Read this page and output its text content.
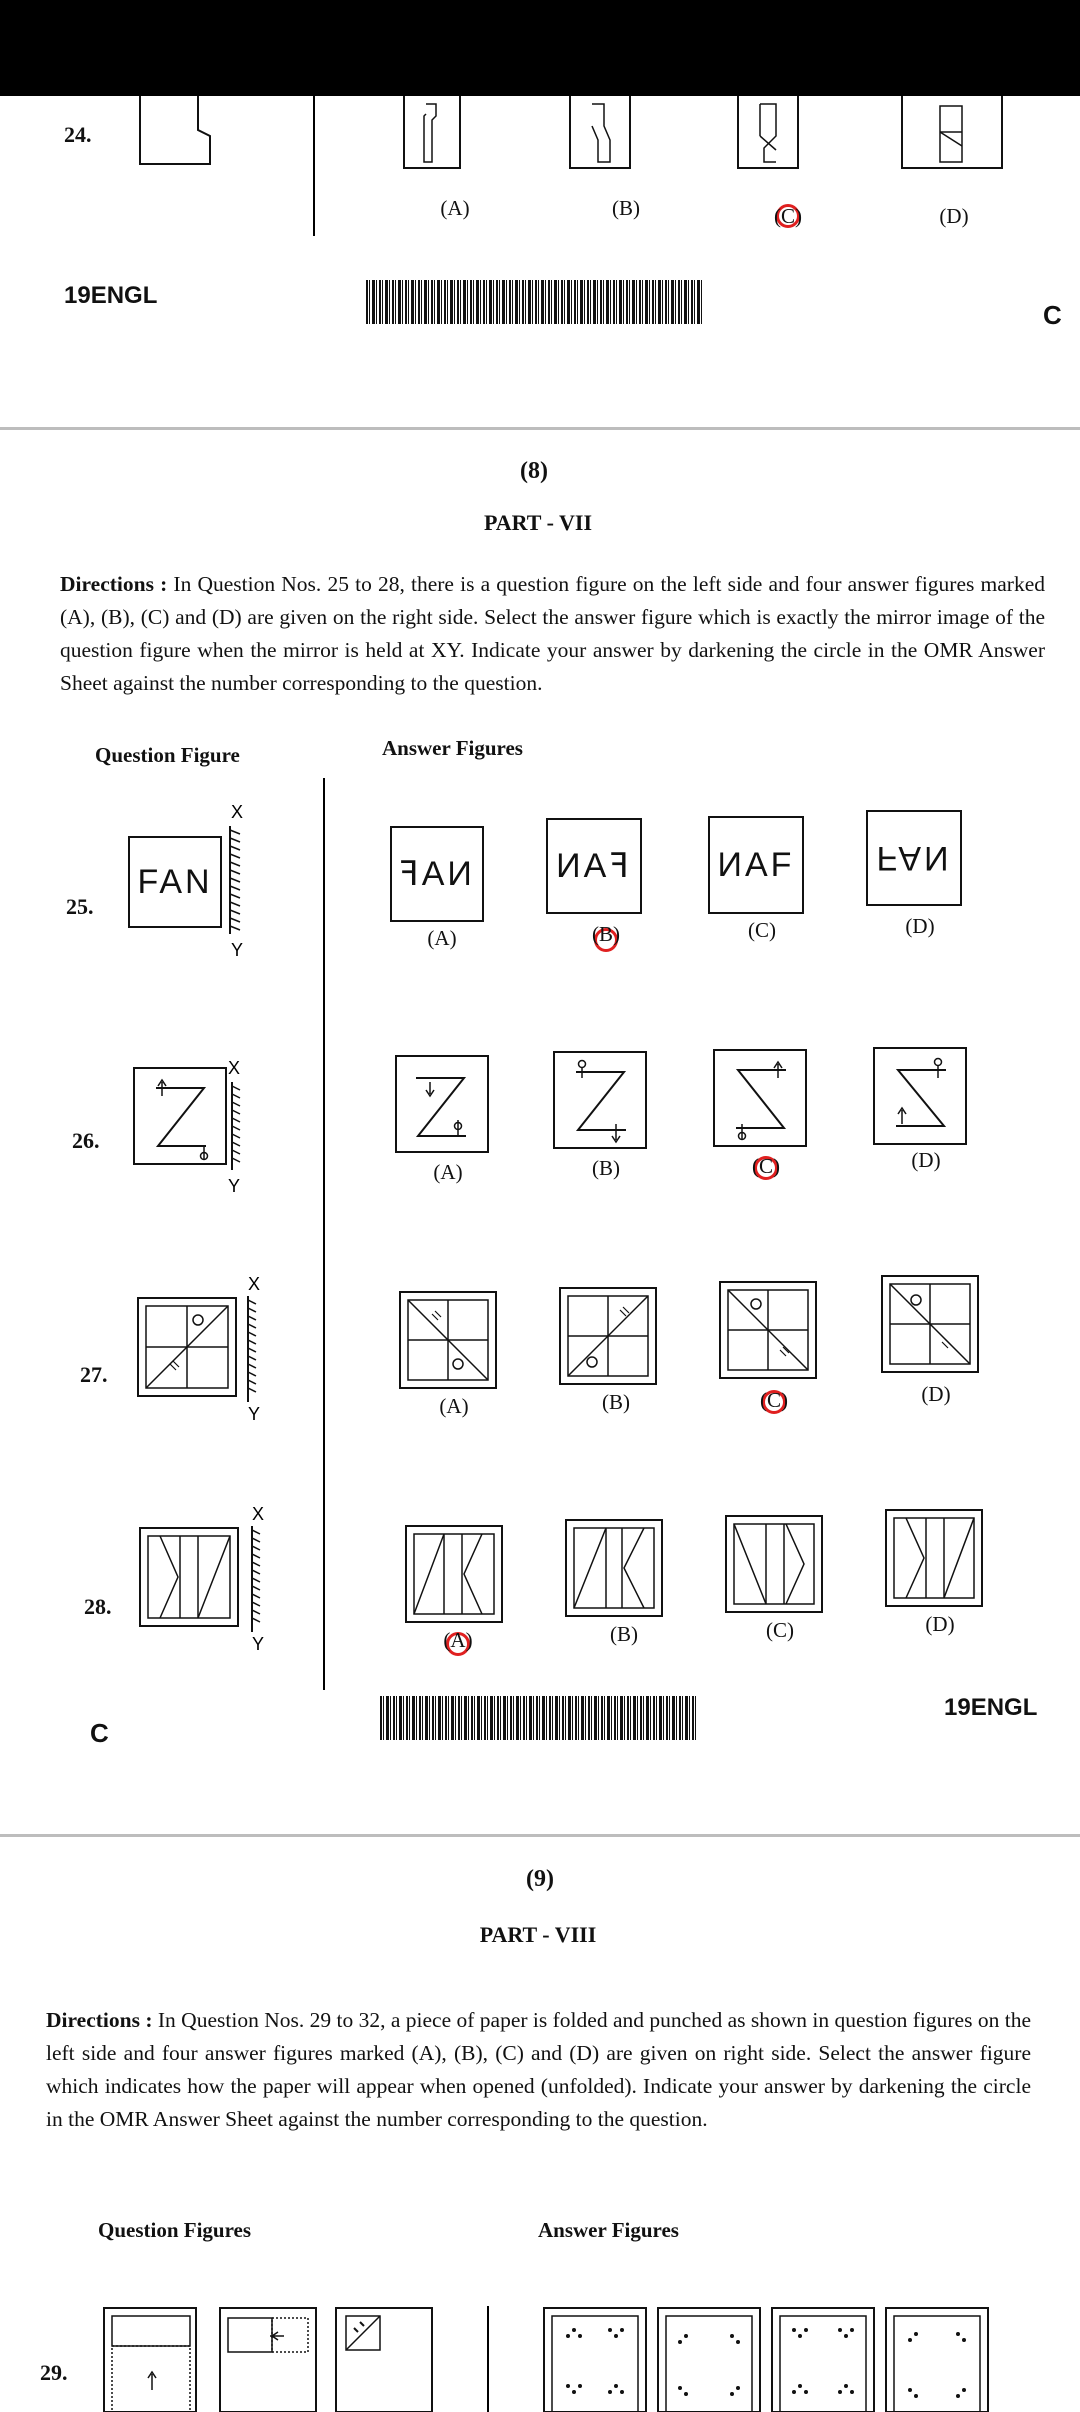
24.
(A)	(B)	(C)	(D)
19ENGL
C
(8)
PART - VII
Directions : In Question Nos. 25 to 28, there is a question figure on the left side and four answer figures marked (A), (B), (C) and (D) are given on the right side. Select the answer figure which is exactly the mirror image of the question figure when the mirror is held at XY. Indicate your answer by darkening the circle in the OMR Answer Sheet against the number corresponding to the question.
Question Figure	Answer Figures
25.
FAN
X
Y
ꟻAИ ИAꟻ	ИAF FAN
(A)	(B)	(C)	(D)
26.
X
Y
(A)	(B)	(C)	(D)
27.
X
Y	(A)	(B)	(C)	(D)
28.
X
Y	(A)	(B)	(C)	(D)
C
19ENGL
(9)
PART - VIII
Directions : In Question Nos. 29 to 32, a piece of paper is folded and punched as shown in question figures on the left side and four answer figures marked (A), (B), (C) and (D) are given on right side. Select the answer figure which indicates how the paper will appear when opened (unfolded). Indicate your answer by darkening the circle in the OMR Answer Sheet against the number corresponding to the question.
Question Figures	Answer Figures
29.
